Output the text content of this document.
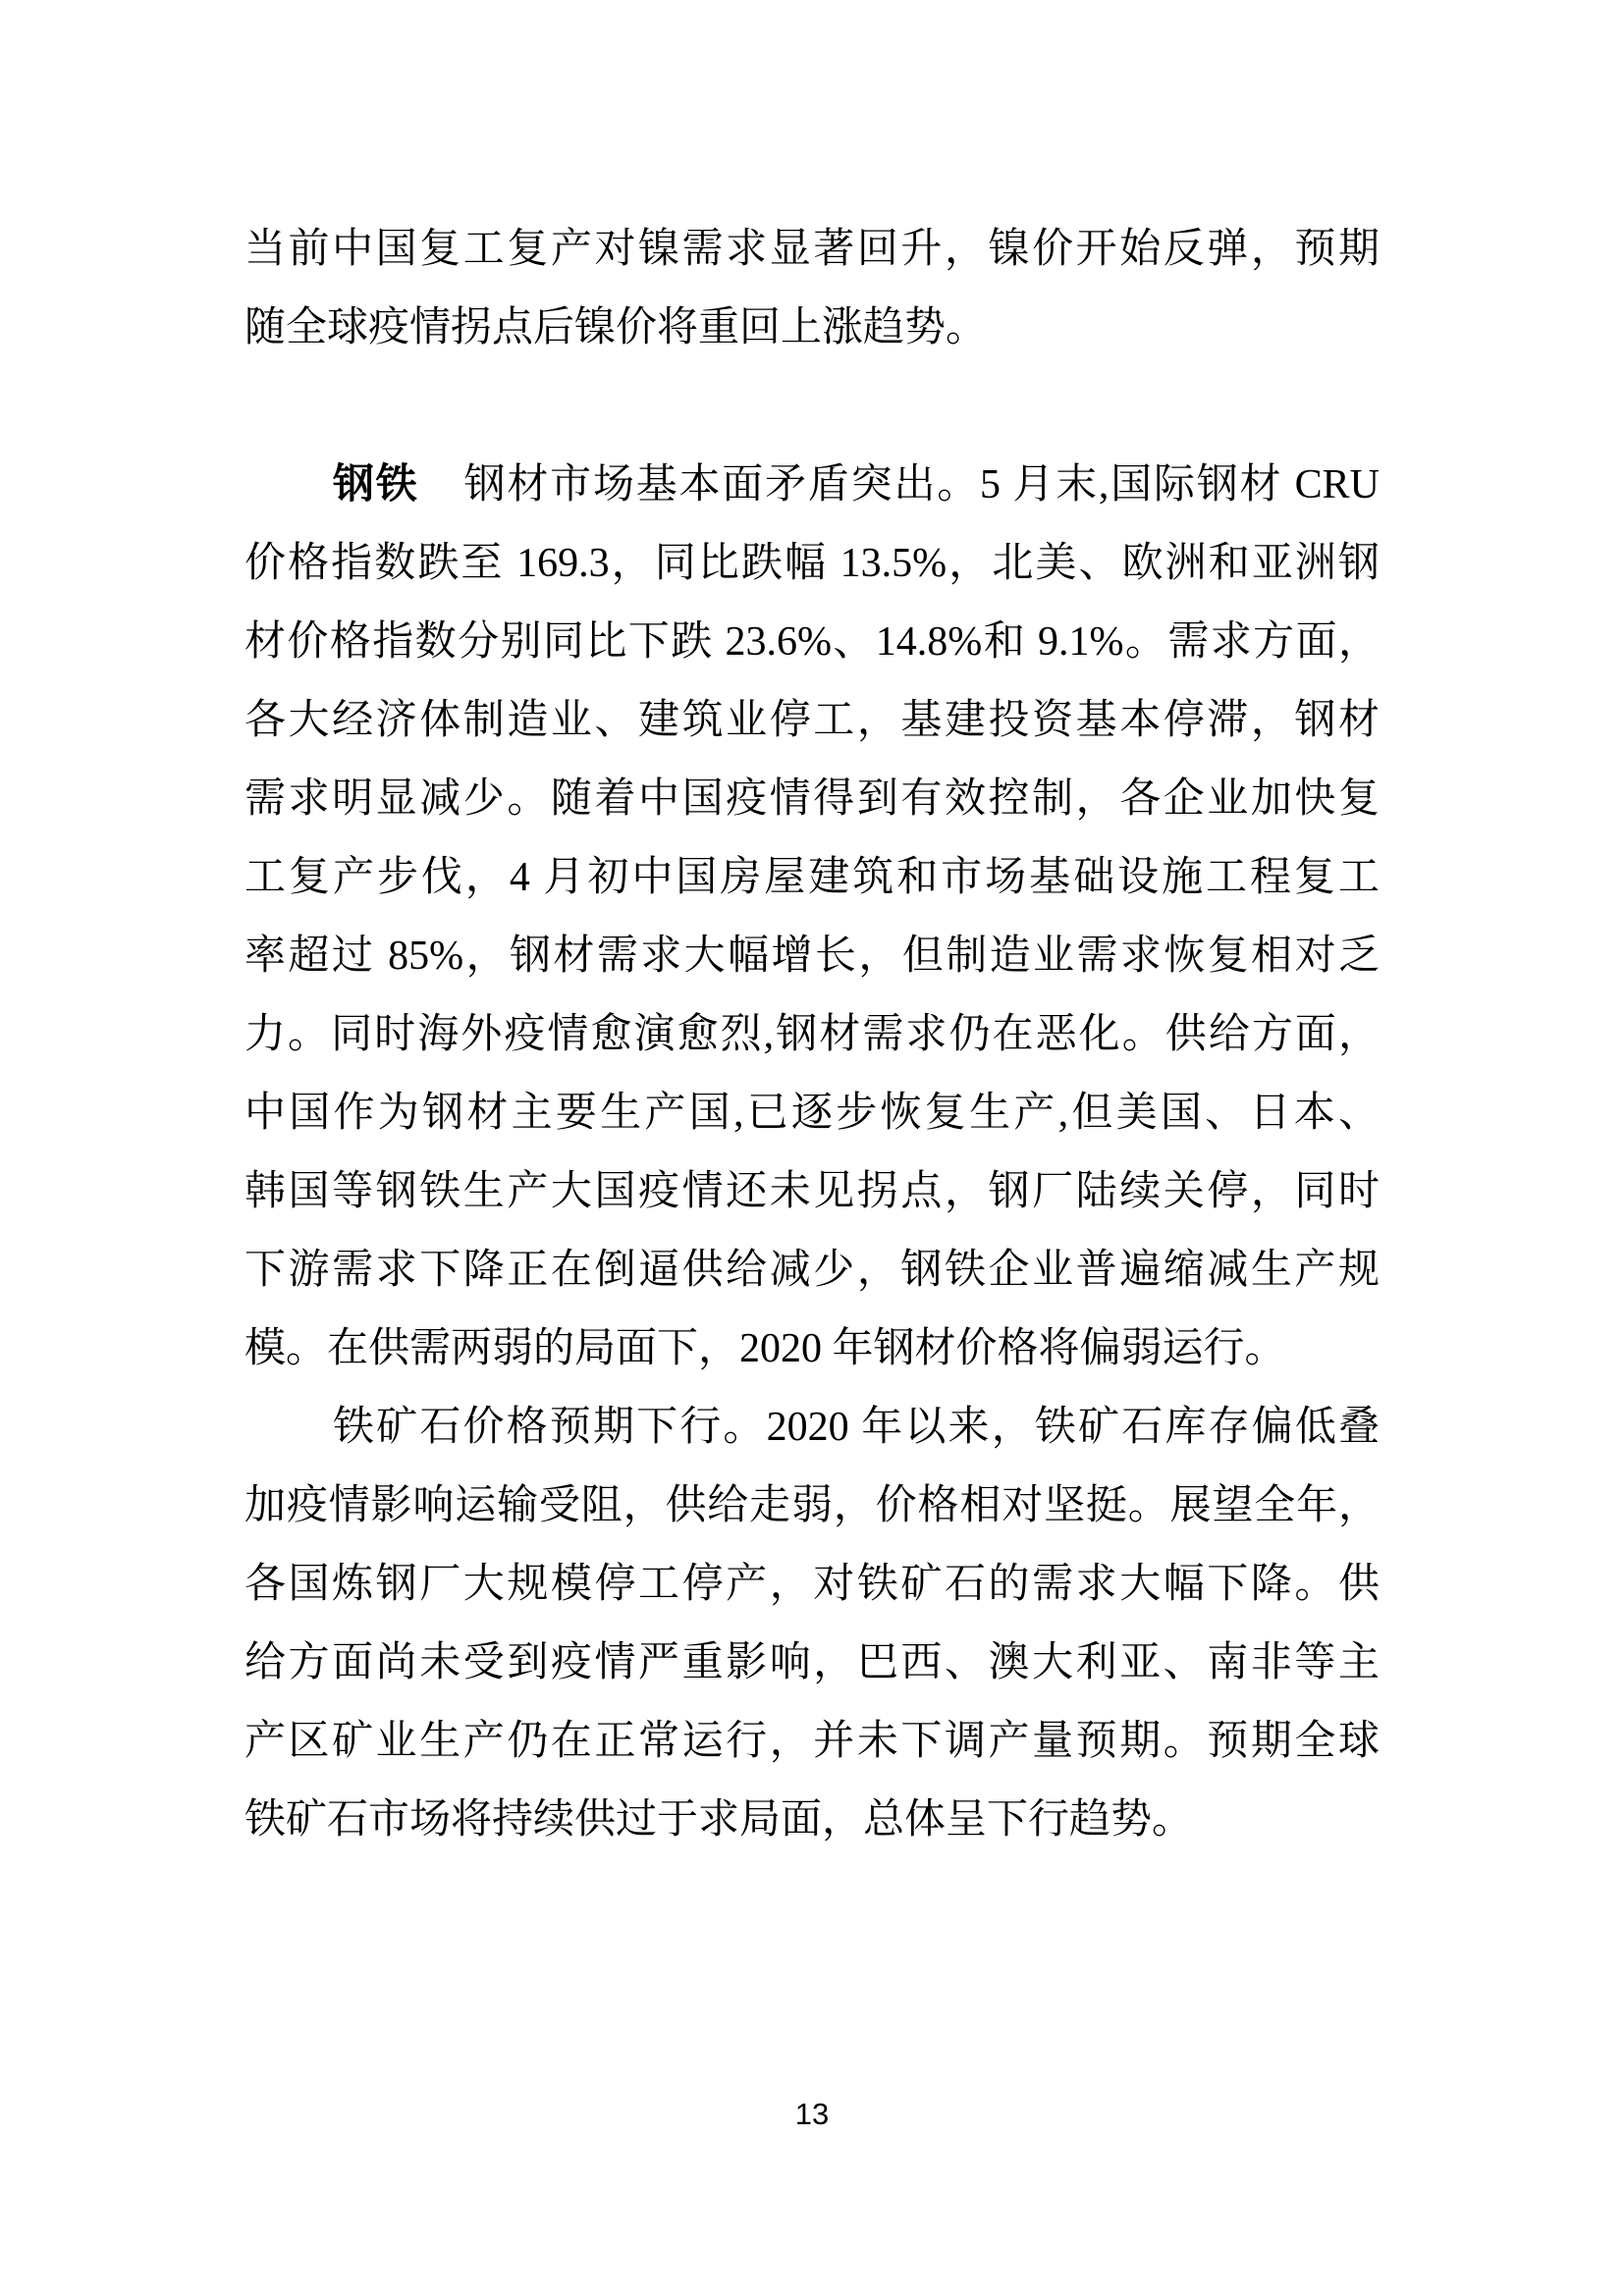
当前中国复工复产对镍需求显著回升，镍价开始反弹，预期
随全球疫情拐点后镍价将重回上涨趋势。
钢铁 钢材市场基本面矛盾突出。5 月末,国际钢材 CRU
价格指数跌至 169.3，同比跌幅 13.5%，北美、欧洲和亚洲钢
材价格指数分别同比下跌 23.6%、14.8%和 9.1%。需求方面，
各大经济体制造业、建筑业停工，基建投资基本停滞，钢材
需求明显减少。随着中国疫情得到有效控制，各企业加快复
工复产步伐，4 月初中国房屋建筑和市场基础设施工程复工
率超过 85%，钢材需求大幅增长，但制造业需求恢复相对乏
力。同时海外疫情愈演愈烈,钢材需求仍在恶化。供给方面，
中国作为钢材主要生产国,已逐步恢复生产,但美国、日本、
韩国等钢铁生产大国疫情还未见拐点，钢厂陆续关停，同时
下游需求下降正在倒逼供给减少，钢铁企业普遍缩减生产规
模。在供需两弱的局面下，2020 年钢材价格将偏弱运行。
铁矿石价格预期下行。2020 年以来，铁矿石库存偏低叠
加疫情影响运输受阻，供给走弱，价格相对坚挺。展望全年，
各国炼钢厂大规模停工停产，对铁矿石的需求大幅下降。供
给方面尚未受到疫情严重影响，巴西、澳大利亚、南非等主
产区矿业生产仍在正常运行，并未下调产量预期。预期全球
铁矿石市场将持续供过于求局面，总体呈下行趋势。
13
